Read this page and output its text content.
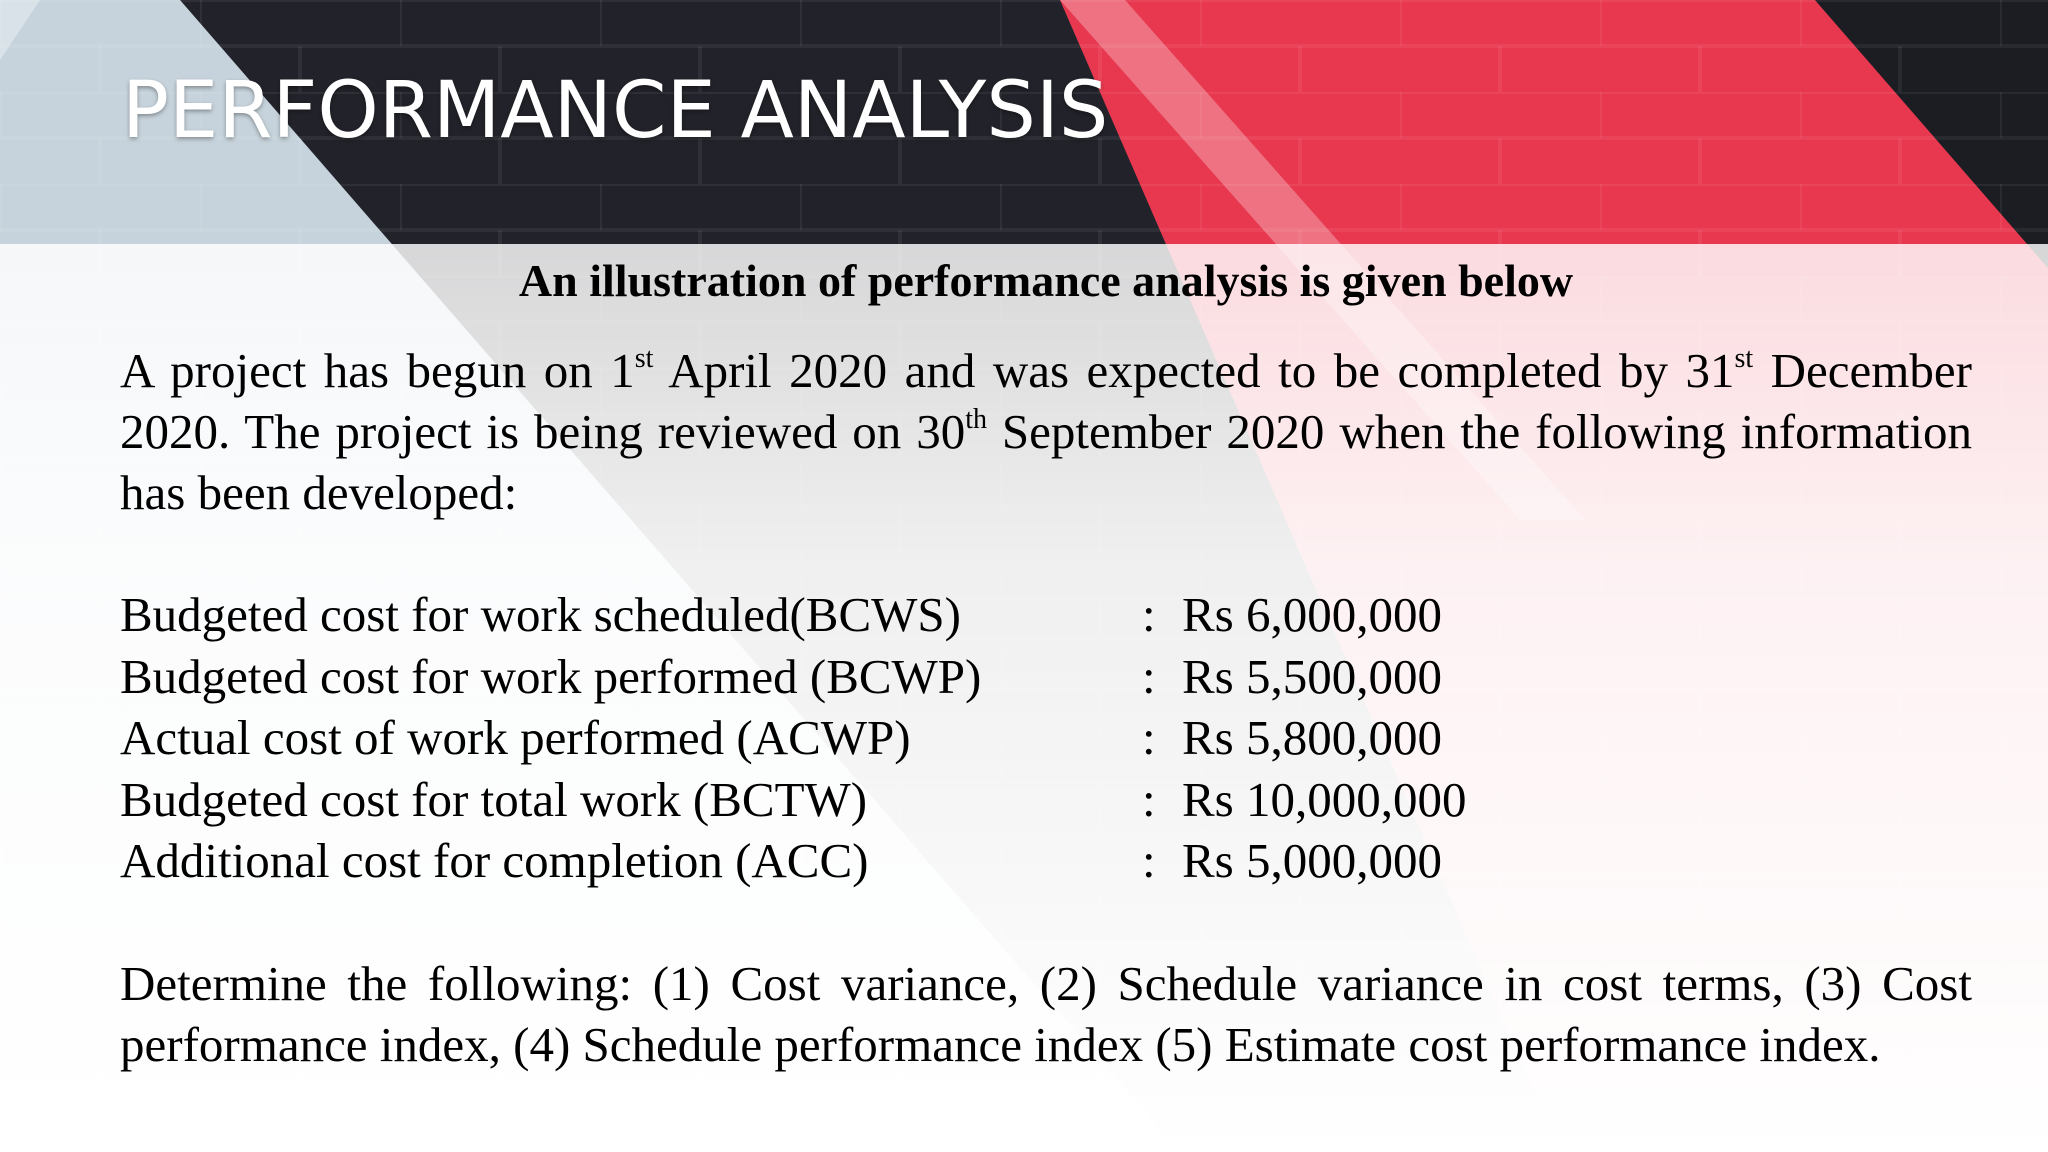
PERFORMANCE ANALYSIS

An illustration of performance analysis is given below

A project has begun on 1st April 2020 and was expected to be completed by 31st December 2020. The project is being reviewed on 30th September 2020 when the following information has been developed:

Budgeted cost for work scheduled(BCWS)	: Rs 6,000,000
Budgeted cost for work performed (BCWP)	: Rs 5,500,000
Actual cost of work performed (ACWP)	: Rs 5,800,000
Budgeted cost for total work (BCTW)	: Rs 10,000,000
Additional cost for completion (ACC)	: Rs 5,000,000

Determine the following: (1) Cost variance, (2) Schedule variance in cost terms, (3) Cost performance index, (4) Schedule performance index (5) Estimate cost performance index.
